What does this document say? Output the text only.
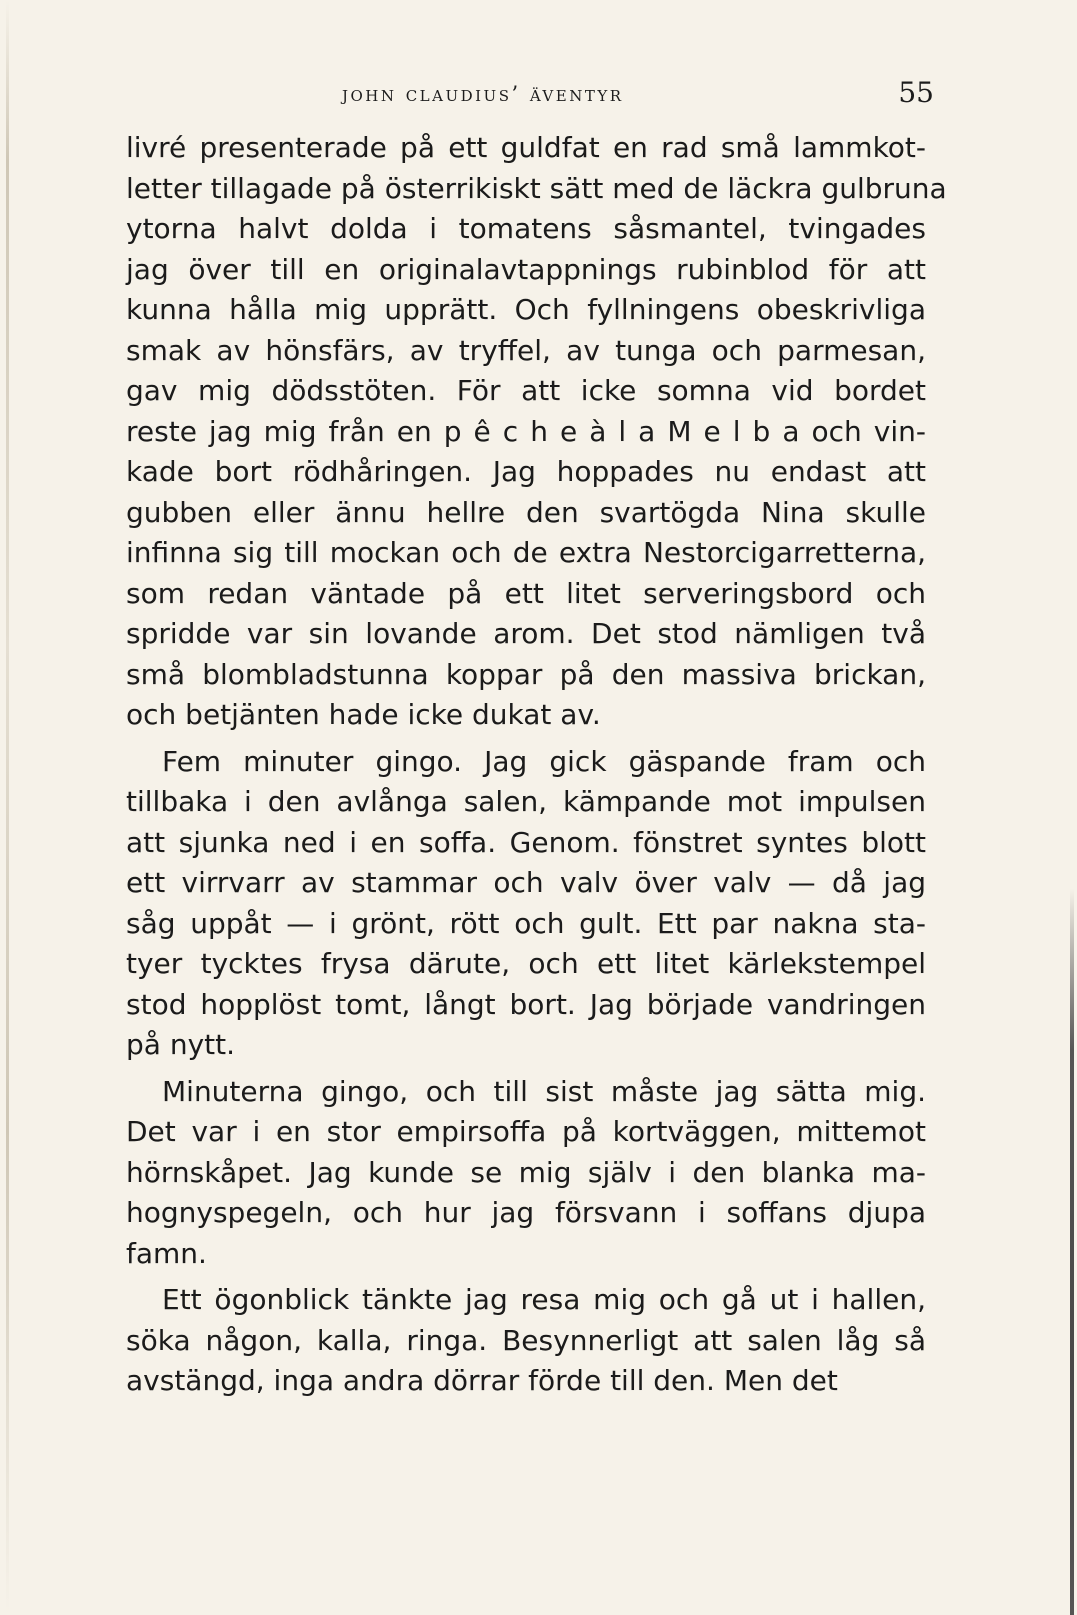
john claudius’ äventyr	55
livré presenterade på ett guldfat en rad små lammkot-
letter tillagade på österrikiskt sätt med de läckra gulbruna
ytorna halvt dolda i tomatens såsmantel, tvingades
jag över till en originalavtappnings rubinblod för att
kunna hålla mig upprätt. Och fyllningens obeskrivliga
smak av hönsfärs, av tryffel, av tunga och parmesan,
gav mig dödsstöten. För att icke somna vid bordet
reste jag mig från en p ê c h e à l a M e l b a och vin-
kade bort rödhåringen. Jag hoppades nu endast att
gubben eller ännu hellre den svartögda Nina skulle
infinna sig till mockan och de extra Nestorcigarretterna,
som redan väntade på ett litet serveringsbord och
spridde var sin lovande arom. Det stod nämligen två
små blombladstunna koppar på den massiva brickan,
och betjänten hade icke dukat av.
Fem minuter gingo. Jag gick gäspande fram och
tillbaka i den avlånga salen, kämpande mot impulsen
att sjunka ned i en soffa. Genom. fönstret syntes blott
ett virrvarr av stammar och valv över valv — då jag
såg uppåt — i grönt, rött och gult. Ett par nakna sta-
tyer tycktes frysa därute, och ett litet kärlekstempel
stod hopplöst tomt, långt bort. Jag började vandringen
på nytt.
Minuterna gingo, och till sist måste jag sätta mig.
Det var i en stor empirsoffa på kortväggen, mittemot
hörnskåpet. Jag kunde se mig själv i den blanka ma-
hognyspegeln, och hur jag försvann i soffans djupa
famn.
Ett ögonblick tänkte jag resa mig och gå ut i hallen,
söka någon, kalla, ringa. Besynnerligt att salen låg så
avstängd, inga andra dörrar förde till den. Men det
